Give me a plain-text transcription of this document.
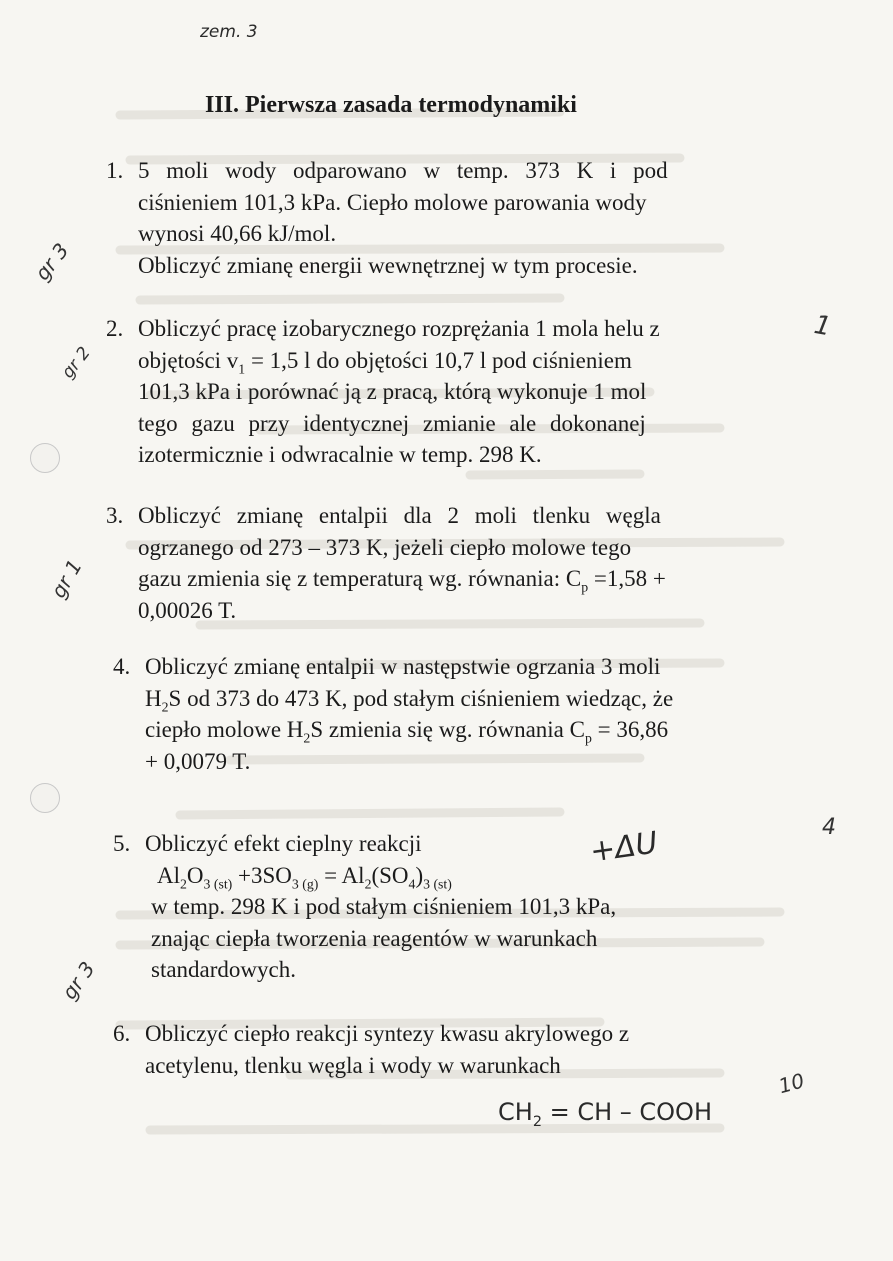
zem. 3
III. Pierwsza zasada termodynamiki
1. 5 moli wody odparowano w temp. 373 K i pod
ciśnieniem 101,3 kPa. Ciepło molowe parowania wody
wynosi 40,66 kJ/mol.
Obliczyć zmianę energii wewnętrznej w tym procesie.

2. Obliczyć pracę izobarycznego rozprężania 1 mola helu z
objętości $v_1 = 1,5$ l do objętości 10,7 l pod ciśnieniem
101,3 kPa i porównać ją z pracą, którą wykonuje 1 mol
tego gazu przy identycznej zmianie ale dokonanej
izotermicznie i odwracalnie w temp. 298 K.

3. Obliczyć zmianę entalpii dla 2 moli tlenku węgla
ogrzanego od 273 – 373 K, jeżeli ciepło molowe tego
gazu zmienia się z temperaturą wg. równania: $C_p =1,58$ +
0,00026 T.

4. Obliczyć zmianę entalpii w następstwie ogrzania 3 moli
$H_2S$ od 373 do 473 K, pod stałym ciśnieniem wiedząc, że
ciepło molowe $H_2S$ zmienia się wg. równania $C_p = 36,86$
+ 0,0079 T.

5. Obliczyć efekt cieplny reakcji
$Al_2O_3$ $_{(st)} +3SO_3$ $_{(g)} = Al_2(SO_4)_3$ $_{(st)}$
w temp. 298 K i pod stałym ciśnieniem 101,3 kPa,
znając ciepła tworzenia reagentów w warunkach
standardowych.

6. Obliczyć ciepło reakcji syntezy kwasu akrylowego z
acetylenu, tlenku węgla i wody w warunkach

gr 3
gr 2
gr 1
gr 3
1
4
10
+ΔU
$CH_2$ = CH – COOH
